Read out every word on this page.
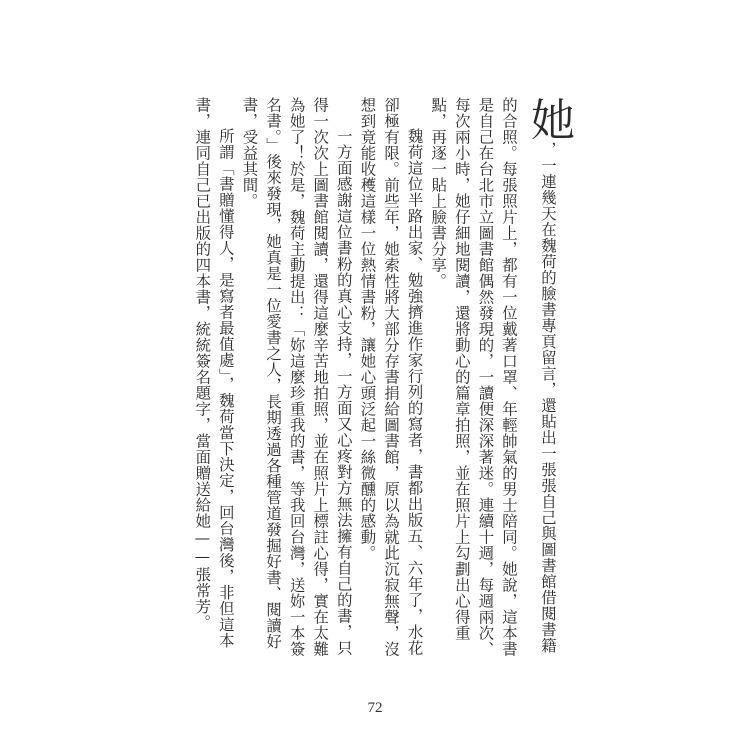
她，一連幾天在魏荷的臉書專頁留言，還貼出一張張自己與圖書館借閱書籍的合照。每張照片上，都有一位戴著口罩、年輕帥氣的男士陪同。她說，這本書是自己在台北市立圖書館偶然發現的，一讀便深深著迷。連續十週，每週兩次、每次兩小時，她仔細地閱讀，還將動心的篇章拍照，並在照片上勾劃出心得重點，再逐一貼上臉書分享。

魏荷這位半路出家、勉強擠進作家行列的寫者，書都出版五、六年了，水花卻極有限。前些年，她索性將大部分存書捐給圖書館，原以為就此沉寂無聲，沒想到竟能收穫這樣一位熱情書粉，讓她心頭泛起一絲微醺的感動。

一方面感謝這位書粉的真心支持，一方面又心疼對方無法擁有自己的書，只得一次次上圖書館閱讀，還得這麼辛苦地拍照，並在照片上標註心得，實在太難為她了！於是，魏荷主動提出：「妳這麼珍重我的書，等我回台灣，送妳一本簽名書。」後來發現，她真是一位愛書之人，長期透過各種管道發掘好書、閱讀好書，受益其間。

所謂「書贈懂得人，是寫者最值處」，魏荷當下決定，回台灣後，非但這本書，連同自己已出版的四本書，統統簽名題字，當面贈送給她——張常芳。

72
